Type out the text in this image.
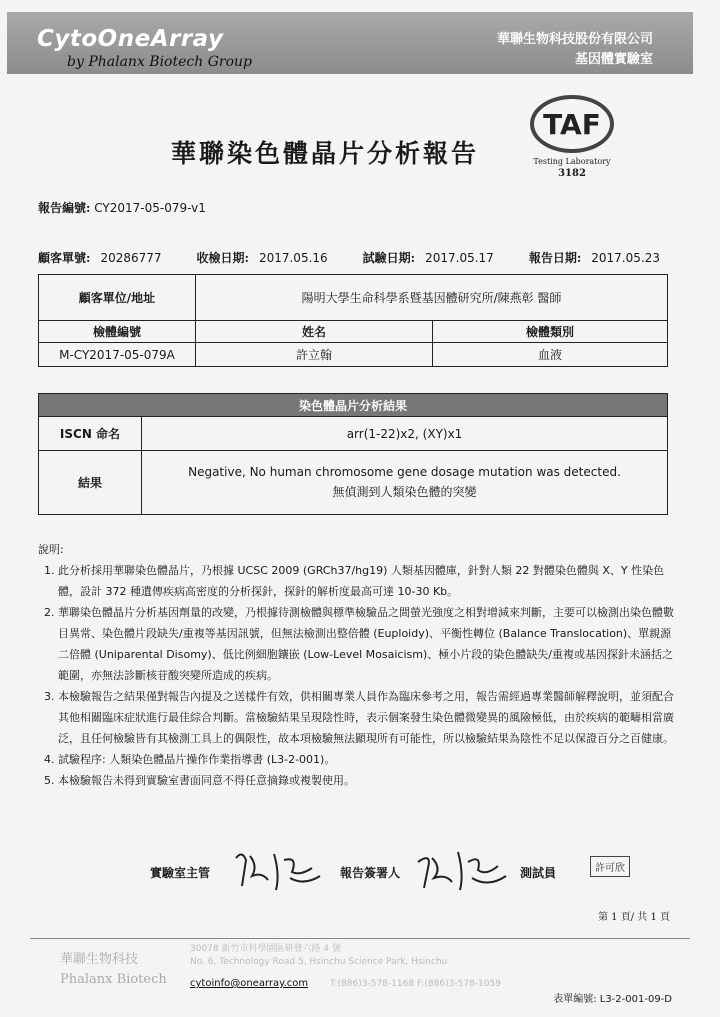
CytoOneArray
by Phalanx Biotech Group
華聯生物科技股份有限公司
基因體實驗室
TAF
Testing Laboratory
3182
華聯染色體晶片分析報告
報告編號: CY2017-05-079-v1
顧客單號: 20286777	收檢日期: 2017.05.16	試驗日期: 2017.05.17	報告日期: 2017.05.23
顧客單位/地址	陽明大學生命科學系暨基因體研究所/陳燕彰 醫師	
檢體編號	姓名	檢體類別
M-CY2017-05-079A	許立翰	血液
染色體晶片分析結果	
ISCN 命名	arr(1-22)x2, (XY)x1
結果	Negative, No human chromosome gene dosage mutation was detected.
無偵測到人類染色體的突變
說明:
1. 此分析採用華聯染色體晶片，乃根據 UCSC 2009 (GRCh37/hg19) 人類基因體庫，針對人類 22 對體染色體與 X、Y 性染色體，設計 372 種遺傳疾病高密度的分析探針，探針的解析度最高可達 10-30 Kb。
2. 華聯染色體晶片分析基因劑量的改變，乃根據待測檢體與標準檢驗品之間螢光強度之相對增減來判斷，主要可以檢測出染色體數目異常、染色體片段缺失/重複等基因訊號，但無法檢測出整倍體 (Euploidy)、平衡性轉位 (Balance Translocation)、單親源二倍體 (Uniparental Disomy)、低比例細胞鑲嵌 (Low-Level Mosaicism)、極小片段的染色體缺失/重複或基因探針未涵括之範圍，亦無法診斷核苷酸突變所造成的疾病。
3. 本檢驗報告之結果僅對報告內提及之送樣件有效，供相關專業人員作為臨床參考之用，報告需經過專業醫師解釋說明，並須配合其他相關臨床症狀進行最佳綜合判斷。當檢驗結果呈現陰性時，表示個案發生染色體微變異的風險極低，由於疾病的範疇相當廣泛，且任何檢驗皆有其檢測工具上的偶限性，故本項檢驗無法顯現所有可能性，所以檢驗結果為陰性不足以保證百分之百健康。
4. 試驗程序: 人類染色體晶片操作作業指導書 (L3-2-001)。
5. 本檢驗報告未得到實驗室書面同意不得任意摘錄或複製使用。
實驗室主管	報告簽署人	測試員	許可欣
第 1 頁/ 共 1 頁
華聯生物科技
Phalanx Biotech
30078 新竹市科學園區研發六路 4 號
No. 6, Technology Road 5, Hsinchu Science Park, Hsinchu
cytoinfo@onearray.com T:(886)3-578-1168 F:(886)3-578-1059
表單編號: L3-2-001-09-D
